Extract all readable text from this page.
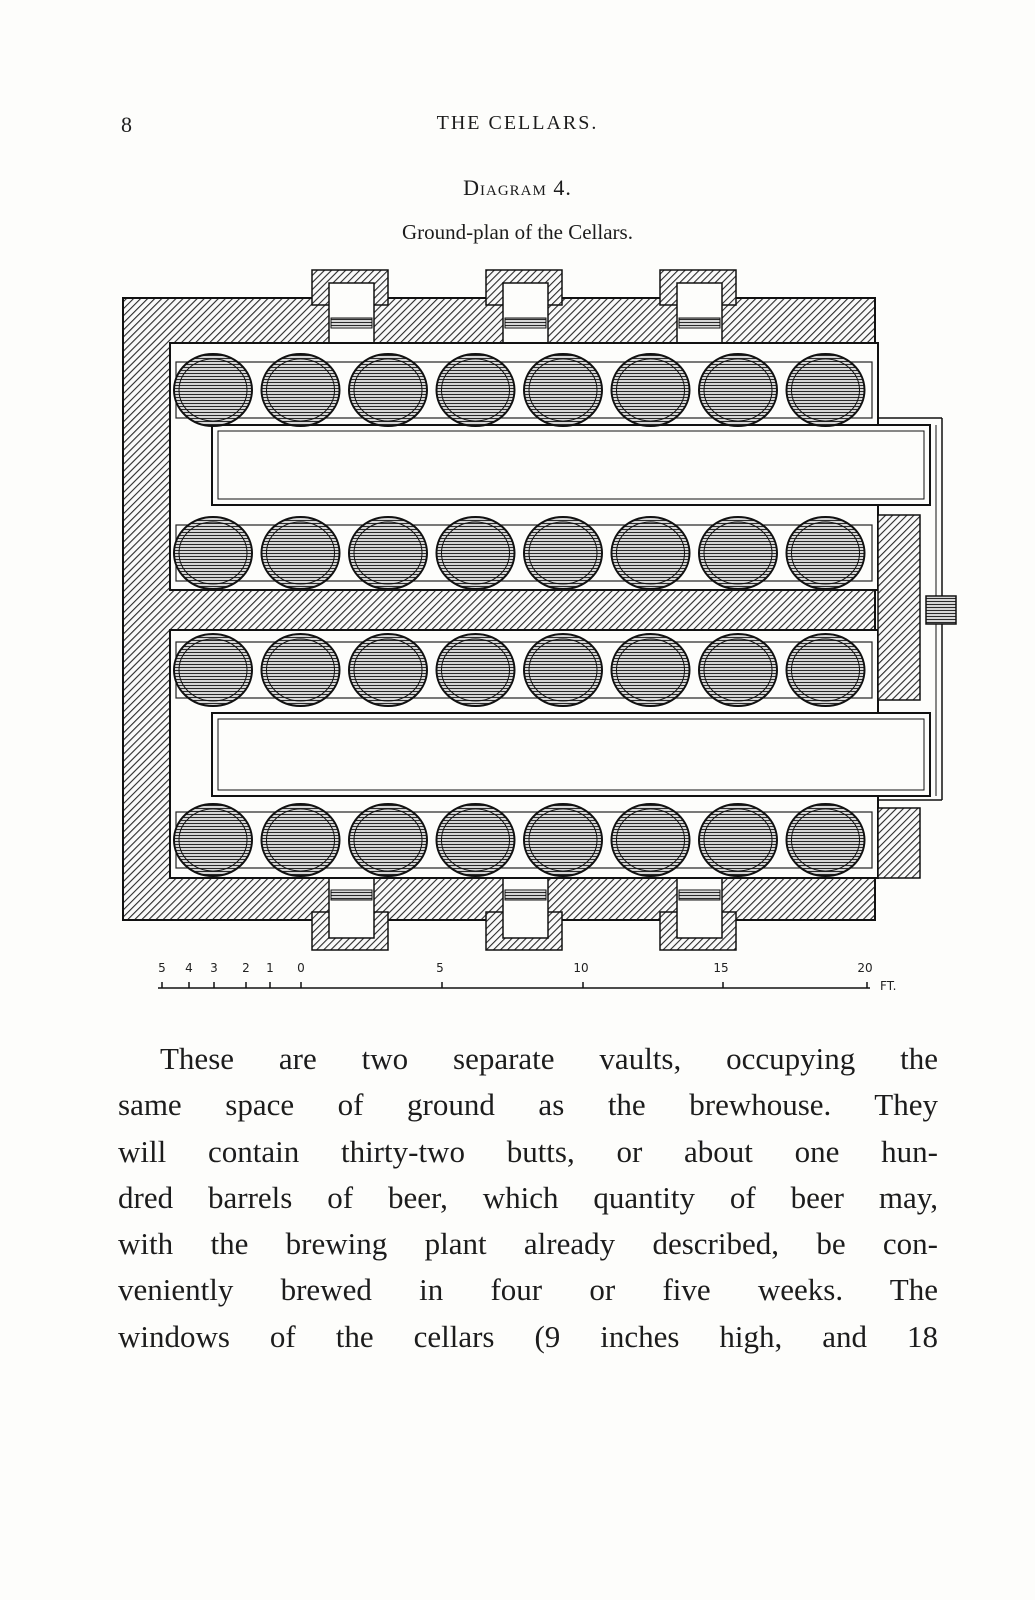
8	THE CELLARS.
Diagram 4.
Ground-plan of the Cellars.
5 4 3 2 1 0	5	10	15	20
FT.
These are two separate vaults, occupying the
same space of ground as the brewhouse. They
will contain thirty-two butts, or about one hun-
dred barrels of beer, which quantity of beer may,
with the brewing plant already described, be con-
veniently brewed in four or five weeks. The
windows of the cellars (9 inches high, and 18
